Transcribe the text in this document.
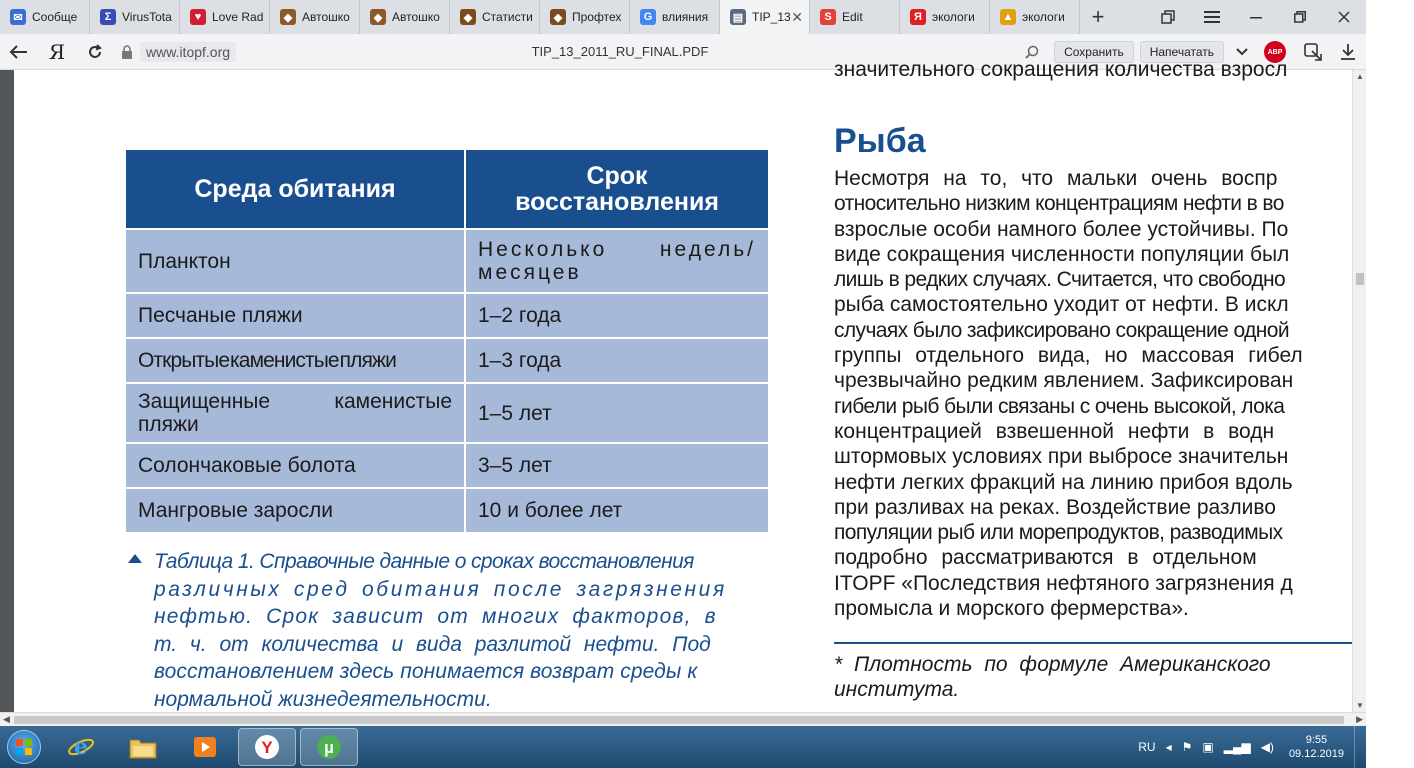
✉ Сообще	Σ VirusTota	♥ Love Rad	◆ Автошко	◆ Автошко	◆ Статисти	◆ Профтех	G влияния ▤ TIP_13 ✕	S Edit	Я экологи	▲ экологи	+
Я	www.itopf.org	TIP_13_2011_RU_FINAL.PDF	Сохранить	Напечатать	ABP
Среда обитания	Срок
восстановления
Планктон	Несколько недель/ месяцев
Песчаные пляжи	1–2 года
Открытые каменистые пляжи	1–3 года
Защищенные каменистые пляжи	1–5 лет
Солончаковые болота	3–5 лет
Мангровые заросли	10 и более лет
Таблица 1. Справочные данные о сроках восстановления
различных сред обитания после загрязнения
нефтью. Срок зависит от многих факторов, в
т. ч. от количества и вида разлитой нефти. Под
восстановлением здесь понимается возврат среды к
нормальной жизнедеятельности.
значительного сокращения количества взросл
Рыба
Несмотря на то, что мальки очень воспр
относительно низким концентрациям нефти в во
взрослые особи намного более устойчивы. По
виде сокращения численности популяции был
лишь в редких случаях. Считается, что свободно
рыба самостоятельно уходит от нефти. В искл
случаях было зафиксировано сокращение одной
группы отдельного вида, но массовая гибел
чрезвычайно редким явлением. Зафиксирован
гибели рыб были связаны с очень высокой, лока
концентрацией взвешенной нефти в водн
штормовых условиях при выбросе значительн
нефти легких фракций на линию прибоя вдоль
при разливах на реках. Воздействие разливо
популяции рыб или морепродуктов, разводимых
подробно рассматриваются в отдельном
ITOPF «Последствия нефтяного загрязнения д
промысла и морского фермерства».
* Плотность по формуле Американского
института.
▲
▼
◀	▶
e	Y	µ	RU ◂ ⚑ ▣ ▂▄▆ ◀)	9:55
09.12.2019
